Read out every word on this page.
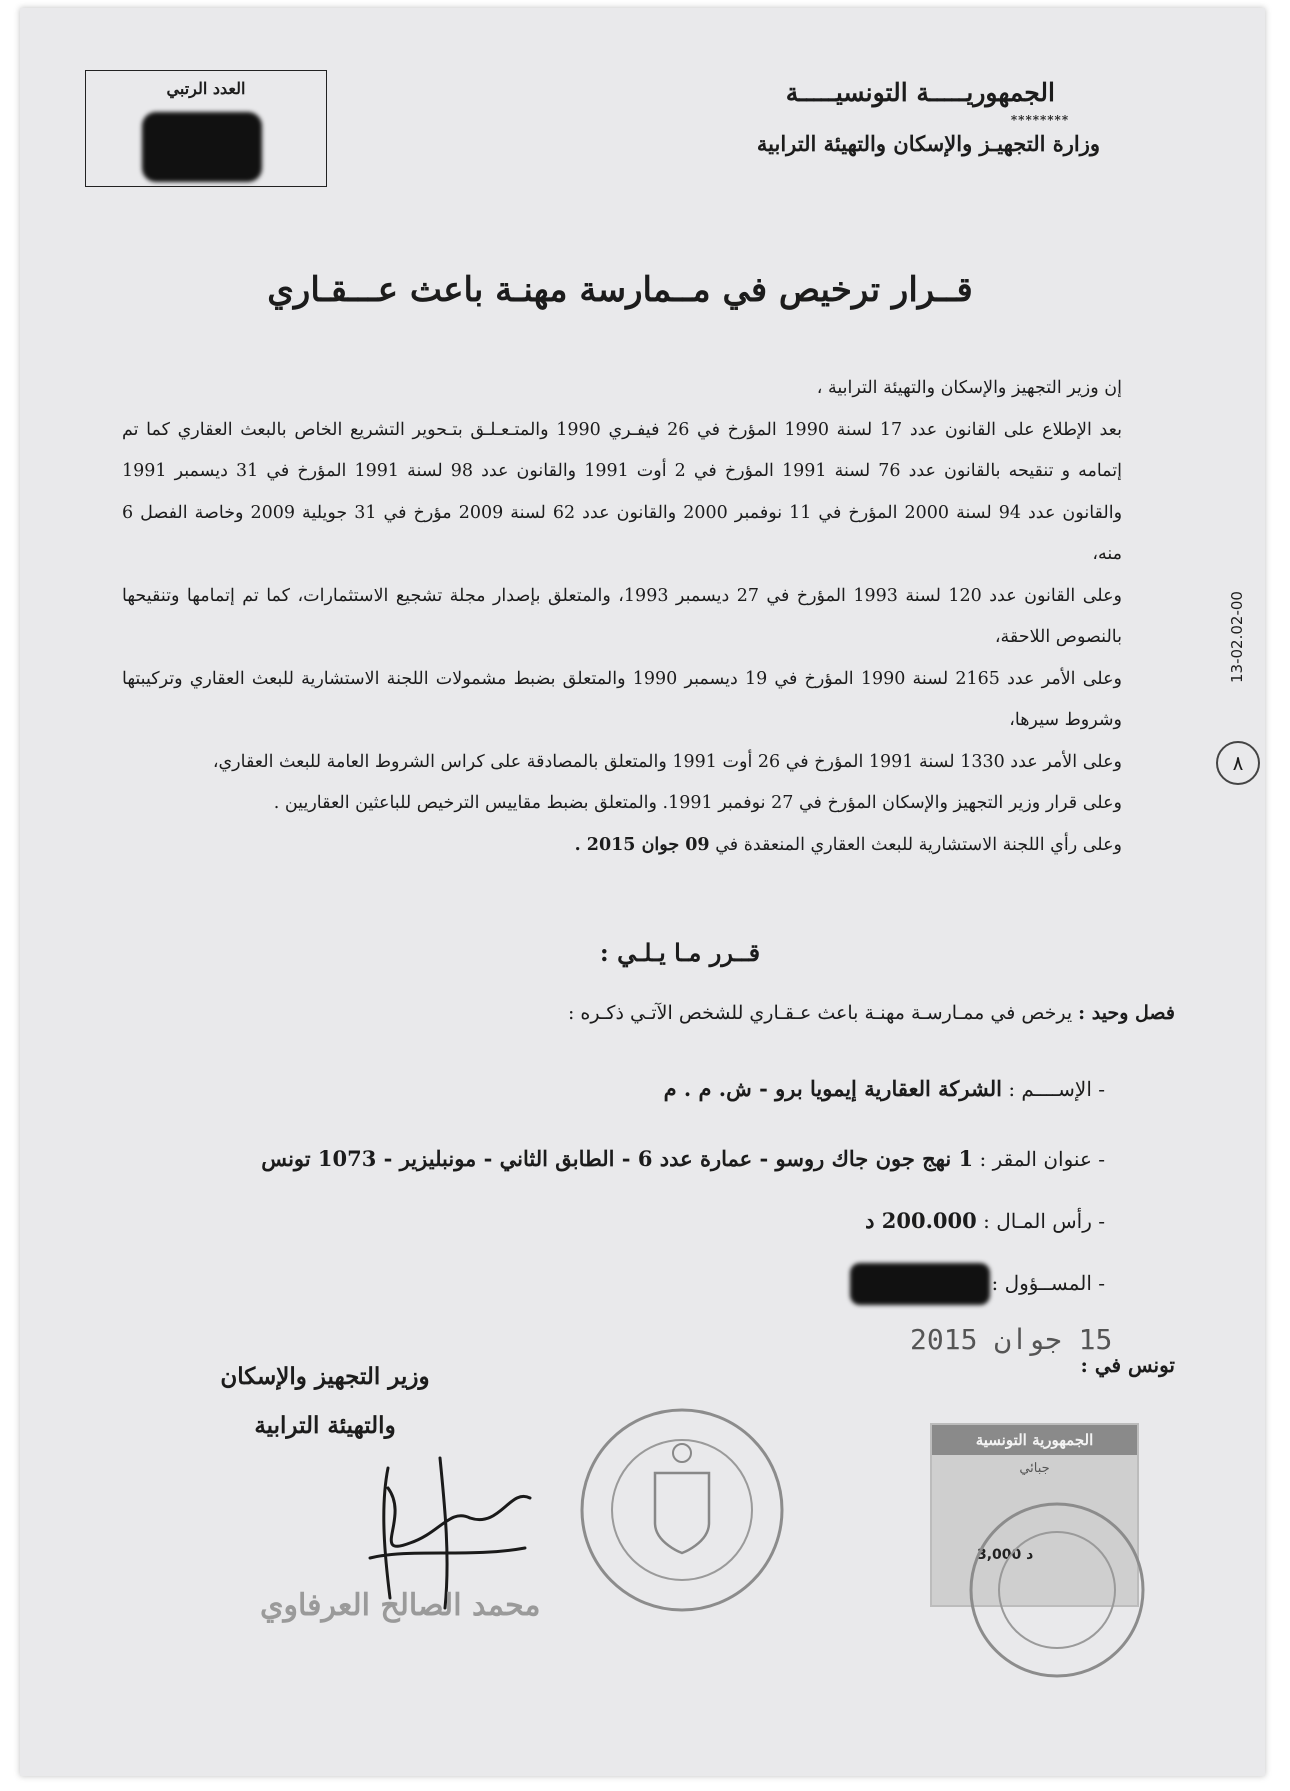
الجمهوريـــــة التونسيـــــة
********
وزارة التجهيـز والإسكان والتهيئة الترابية
العدد الرتبي
قــرار ترخيص في مــمارسة مهنـة باعث عـــقـاري

إن وزير التجهيز والإسكان والتهيئة الترابية ،

بعد الإطلاع على القانون عدد 17 لسنة 1990 المؤرخ في 26 فيفـري 1990 والمتـعـلـق بتـحوير التشريع الخاص بالبعث العقاري كما تم إتمامه و تنقيحه بالقانون عدد 76 لسنة 1991 المؤرخ في 2 أوت 1991 والقانون عدد 98 لسنة 1991 المؤرخ في 31 ديسمبر 1991 والقانون عدد 94 لسنة 2000 المؤرخ في 11 نوفمبر 2000 والقانون عدد 62 لسنة 2009 مؤرخ في 31 جويلية 2009 وخاصة الفصل 6 منه،

وعلى القانون عدد 120 لسنة 1993 المؤرخ في 27 ديسمبر 1993، والمتعلق بإصدار مجلة تشجيع الاستثمارات، كما تم إتمامها وتنقيحها بالنصوص اللاحقة،

وعلى الأمر عدد 2165 لسنة 1990 المؤرخ في 19 ديسمبر 1990 والمتعلق بضبط مشمولات اللجنة الاستشارية للبعث العقاري وتركيبتها وشروط سيرها،

وعلى الأمر عدد 1330 لسنة 1991 المؤرخ في 26 أوت 1991 والمتعلق بالمصادقة على كراس الشروط العامة للبعث العقاري،

وعلى قرار وزير التجهيز والإسكان المؤرخ في 27 نوفمبر 1991. والمتعلق بضبط مقاييس الترخيص للباعثين العقاريين .

وعلى رأي اللجنة الاستشارية للبعث العقاري المنعقدة في 09 جوان 2015 .

13-02.02-00
٨
قــرر مـا يـلـي :
فصل وحيد : يرخص في ممـارسـة مهنـة باعث عـقـاري للشخص الآتـي ذكـره :
- الإســــم : الشركة العقارية إيمويا برو - ش. م . م
- عنوان المقر : 1 نهج جون جاك روسو - عمارة عدد 6 - الطابق الثاني - مونبليزير - 1073 تونس
- رأس المـال : 200.000 د
- المســؤول :
تونس في :
2015 جوان 15
وزير التجهيز والإسكان
والتهيئة الترابية
محمد الصالح العرفاوي
الجمهورية التونسية
جبائي
3,000 د
